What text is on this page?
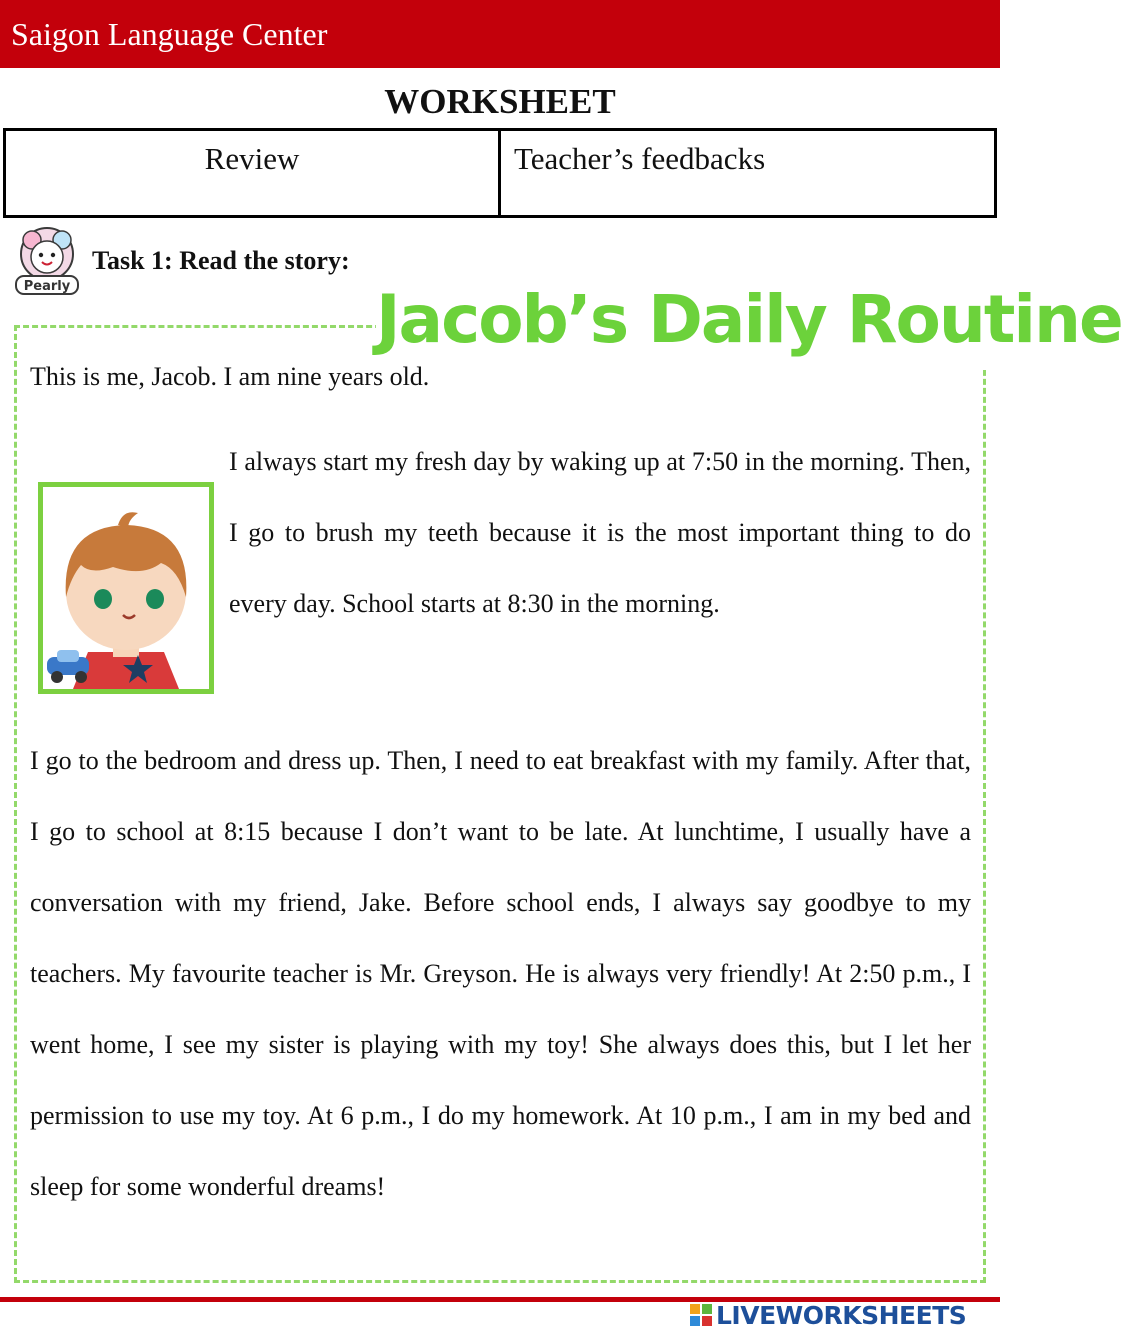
Saigon Language Center
WORKSHEET
Review	Teacher’s feedbacks
Pearly
Task 1: Read the story:
Jacob’s Daily Routine
This is me, Jacob. I am nine years old.
I always start my fresh day by waking up at 7:50 in the morning. Then, I go to brush my teeth because it is the most important thing to do every day. School starts at 8:30 in the morning.
I go to the bedroom and dress up. Then, I need to eat breakfast with my family. After that, I go to school at 8:15 because I don’t want to be late. At lunchtime, I usually have a conversation with my friend, Jake. Before school ends, I always say goodbye to my teachers. My favourite teacher is Mr. Greyson. He is always very friendly! At 2:50 p.m., I went home, I see my sister is playing with my toy! She always does this, but I let her permission to use my toy. At 6 p.m., I do my homework. At 10 p.m., I am in my bed and sleep for some wonderful dreams!
LIVEWORKSHEETS
